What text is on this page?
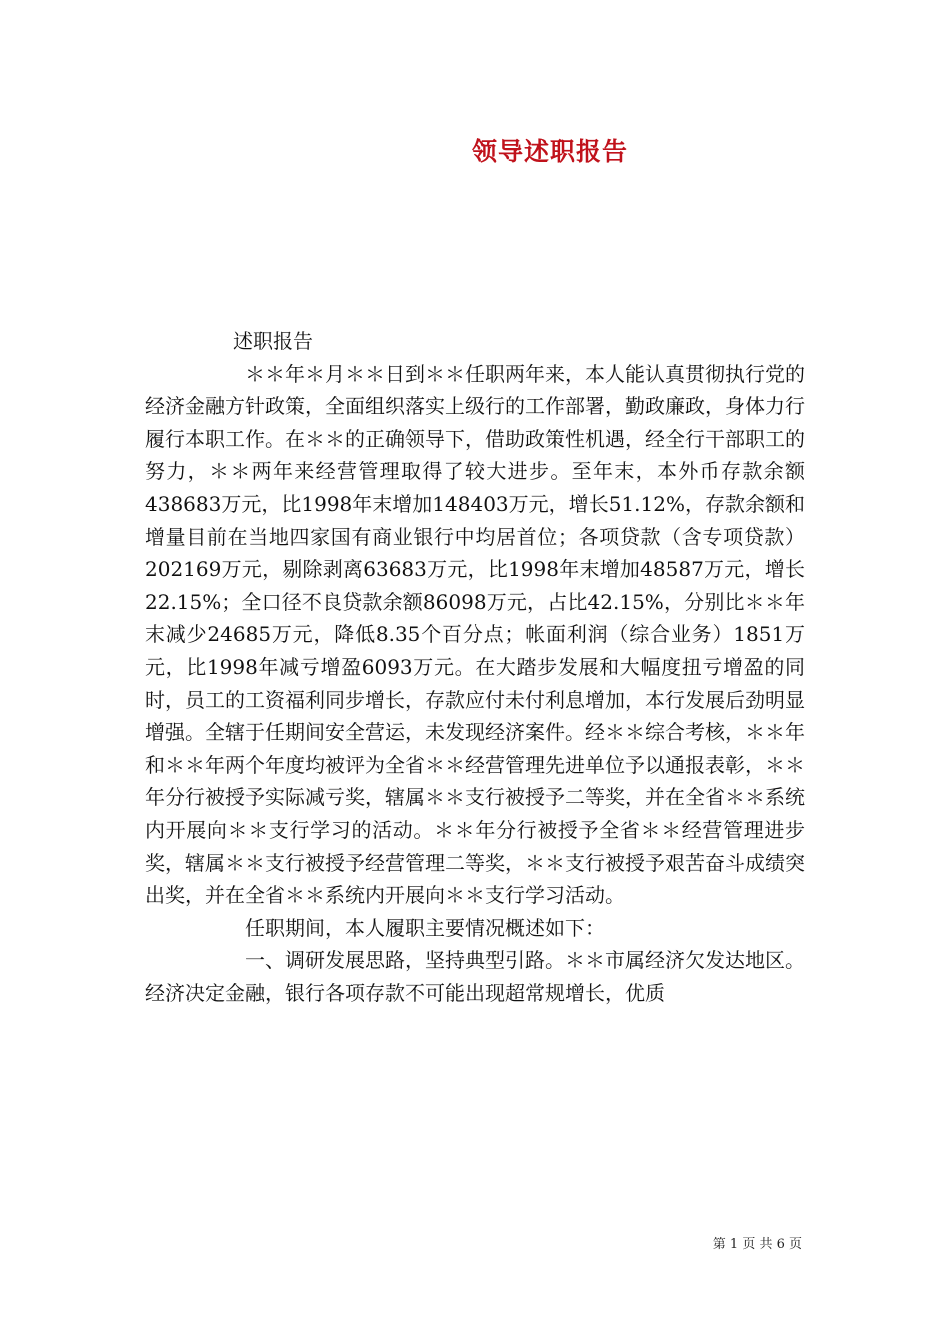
领导述职报告

述职报告

＊＊年＊月＊＊日到＊＊任职两年来，本人能认真贯彻执行党的经济金融方针政策，全面组织落实上级行的工作部署，勤政廉政，身体力行履行本职工作。在＊＊的正确领导下，借助政策性机遇，经全行干部职工的努力，＊＊两年来经营管理取得了较大进步。至年末，本外币存款余额438683万元，比1998年末增加148403万元，增长51.12%，存款余额和增量目前在当地四家国有商业银行中均居首位；各项贷款（含专项贷款）202169万元，剔除剥离63683万元，比1998年末增加48587万元，增长22.15%；全口径不良贷款余额86098万元，占比42.15%，分别比＊＊年末减少24685万元，降低8.35个百分点；帐面利润（综合业务）1851万元，比1998年减亏增盈6093万元。在大踏步发展和大幅度扭亏增盈的同时，员工的工资福利同步增长，存款应付未付利息增加，本行发展后劲明显增强。全辖于任期间安全营运，未发现经济案件。经＊＊综合考核，＊＊年和＊＊年两个年度均被评为全省＊＊经营管理先进单位予以通报表彰，＊＊年分行被授予实际减亏奖，辖属＊＊支行被授予二等奖，并在全省＊＊系统内开展向＊＊支行学习的活动。＊＊年分行被授予全省＊＊经营管理进步奖，辖属＊＊支行被授予经营管理二等奖，＊＊支行被授予艰苦奋斗成绩突出奖，并在全省＊＊系统内开展向＊＊支行学习活动。

任职期间，本人履职主要情况概述如下：

一、调研发展思路，坚持典型引路。＊＊市属经济欠发达地区。经济决定金融，银行各项存款不可能出现超常规增长，优质

第 1 页 共 6 页
